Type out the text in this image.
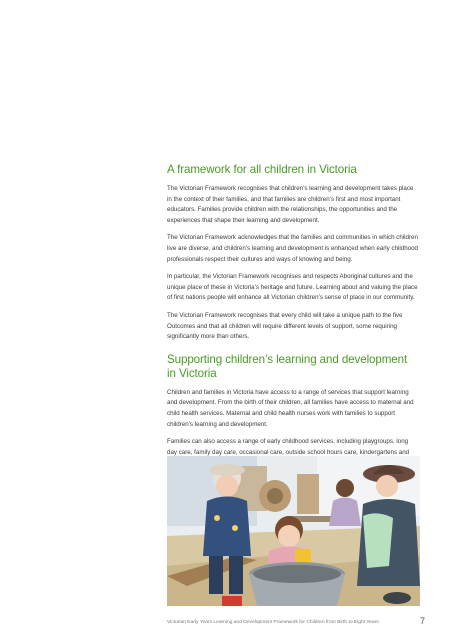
A framework for all children in Victoria

The Victorian Framework recognises that children’s learning and development takes place in the context of their families, and that families are children’s first and most important educators. Families provide children with the relationships, the opportunities and the experiences that shape their learning and development.

The Victorian Framework acknowledges that the families and communities in which children live are diverse, and children’s learning and development is enhanced when early childhood professionals respect their cultures and ways of knowing and being.

In particular, the Victorian Framework recognises and respects Aboriginal cultures and the unique place of these in Victoria’s heritage and future. Learning about and valuing the place of first nations people will enhance all Victorian children’s sense of place in our community.

The Victorian Framework recognises that every child will take a unique path to the five Outcomes and that all children will require different levels of support, some requiring significantly more than others.

Supporting children’s learning and development in Victoria

Children and families in Victoria have access to a range of services that support learning and development. From the birth of their children, all families have access to maternal and child health services. Maternal and child health nurses work with families to support children’s learning and development.

Families can also access a range of early childhood services, including playgroups, long day care, family day care, occasional care, outside school hours care, kindergartens and

Victorian Early Years Learning and Development Framework for Children from Birth to Eight Years	7
